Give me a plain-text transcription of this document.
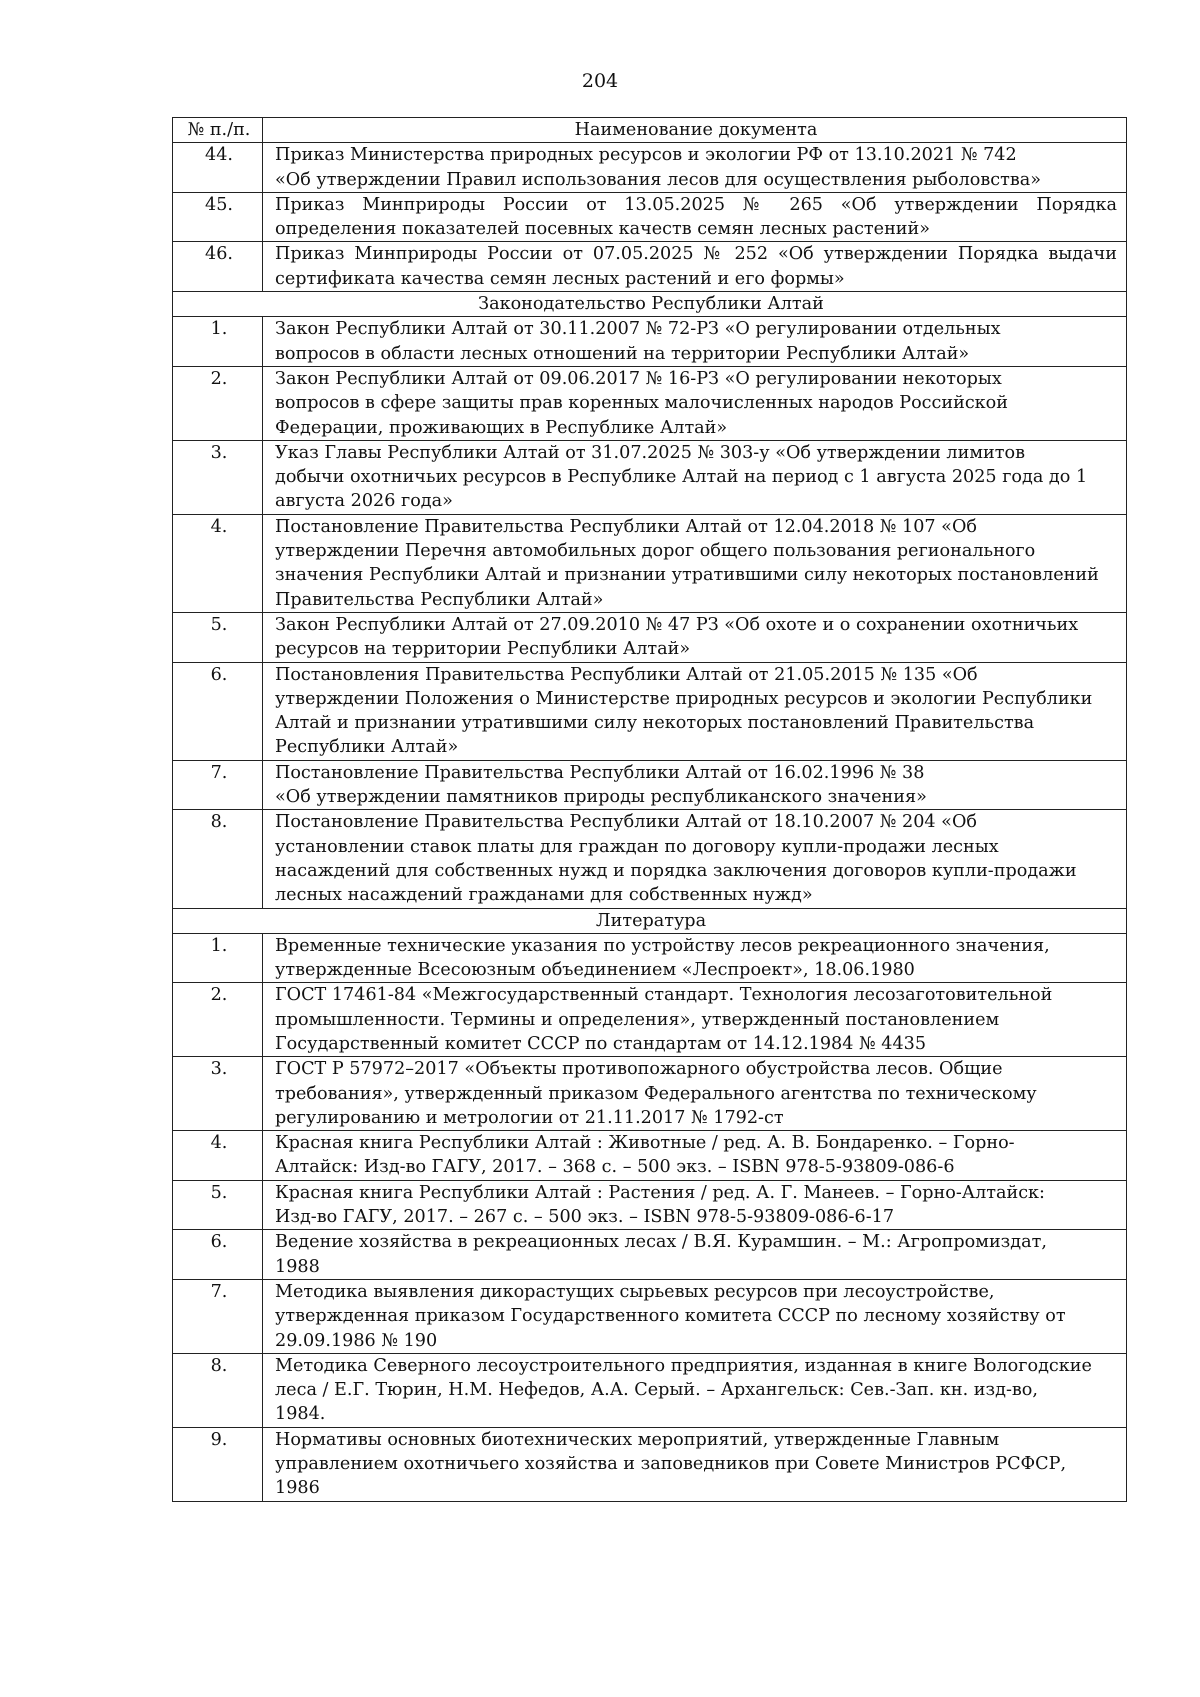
204
№ п./п.	Наименование документа
44.	Приказ Министерства природных ресурсов и экологии РФ от 13.10.2021 № 742
«Об утверждении Правил использования лесов для осуществления рыболовства»

45.	Приказ Минприроды России от 13.05.2025 № 265 «Об утверждении Порядка
определения показателей посевных качеств семян лесных растений»

46.	Приказ Минприроды России от 07.05.2025 № 252 «Об утверждении Порядка выдачи
сертификата качества семян лесных растений и его формы»

Законодательство Республики Алтай	
1.	Закон Республики Алтай от 30.11.2007 № 72-РЗ «О регулировании отдельных
вопросов в области лесных отношений на территории Республики Алтай»

2.	Закон Республики Алтай от 09.06.2017 № 16-РЗ «О регулировании некоторых
вопросов в сфере защиты прав коренных малочисленных народов Российской
Федерации, проживающих в Республике Алтай»

3.	Указ Главы Республики Алтай от 31.07.2025 № 303-у «Об утверждении лимитов
добычи охотничьих ресурсов в Республике Алтай на период с 1 августа 2025 года до 1
августа 2026 года»

4.	Постановление Правительства Республики Алтай от 12.04.2018 № 107 «Об
утверждении Перечня автомобильных дорог общего пользования регионального
значения Республики Алтай и признании утратившими силу некоторых постановлений
Правительства Республики Алтай»

5.	Закон Республики Алтай от 27.09.2010 № 47 РЗ «Об охоте и о сохранении охотничьих
ресурсов на территории Республики Алтай»

6.	Постановления Правительства Республики Алтай от 21.05.2015 № 135 «Об
утверждении Положения о Министерстве природных ресурсов и экологии Республики
Алтай и признании утратившими силу некоторых постановлений Правительства
Республики Алтай»

7.	Постановление Правительства Республики Алтай от 16.02.1996 № 38
«Об утверждении памятников природы республиканского значения»

8.	Постановление Правительства Республики Алтай от 18.10.2007 № 204 «Об
установлении ставок платы для граждан по договору купли-продажи лесных
насаждений для собственных нужд и порядка заключения договоров купли-продажи
лесных насаждений гражданами для собственных нужд»

Литература	
1.	Временные технические указания по устройству лесов рекреационного значения,
утвержденные Всесоюзным объединением «Леспроект», 18.06.1980

2.	ГОСТ 17461-84 «Межгосударственный стандарт. Технология лесозаготовительной
промышленности. Термины и определения», утвержденный постановлением
Государственный комитет СССР по стандартам от 14.12.1984 № 4435

3.	ГОСТ Р 57972–2017 «Объекты противопожарного обустройства лесов. Общие
требования», утвержденный приказом Федерального агентства по техническому
регулированию и метрологии от 21.11.2017 № 1792-ст

4.	Красная книга Республики Алтай : Животные / ред. А. В. Бондаренко. – Горно-
Алтайск: Изд-во ГАГУ, 2017. – 368 с. – 500 экз. – ISBN 978-5-93809-086-6

5.	Красная книга Республики Алтай : Растения / ред. А. Г. Манеев. – Горно-Алтайск:
Изд-во ГАГУ, 2017. – 267 с. – 500 экз. – ISBN 978-5-93809-086-6-17

6.	Ведение хозяйства в рекреационных лесах / В.Я. Курамшин. – М.: Агропромиздат,
1988

7.	Методика выявления дикорастущих сырьевых ресурсов при лесоустройстве,
утвержденная приказом Государственного комитета СССР по лесному хозяйству от
29.09.1986 № 190

8.	Методика Северного лесоустроительного предприятия, изданная в книге Вологодские
леса / Е.Г. Тюрин, Н.М. Нефедов, А.А. Серый. – Архангельск: Сев.-Зап. кн. изд-во,
1984.

9.	Нормативы основных биотехнических мероприятий, утвержденные Главным
управлением охотничьего хозяйства и заповедников при Совете Министров РСФСР,
1986
